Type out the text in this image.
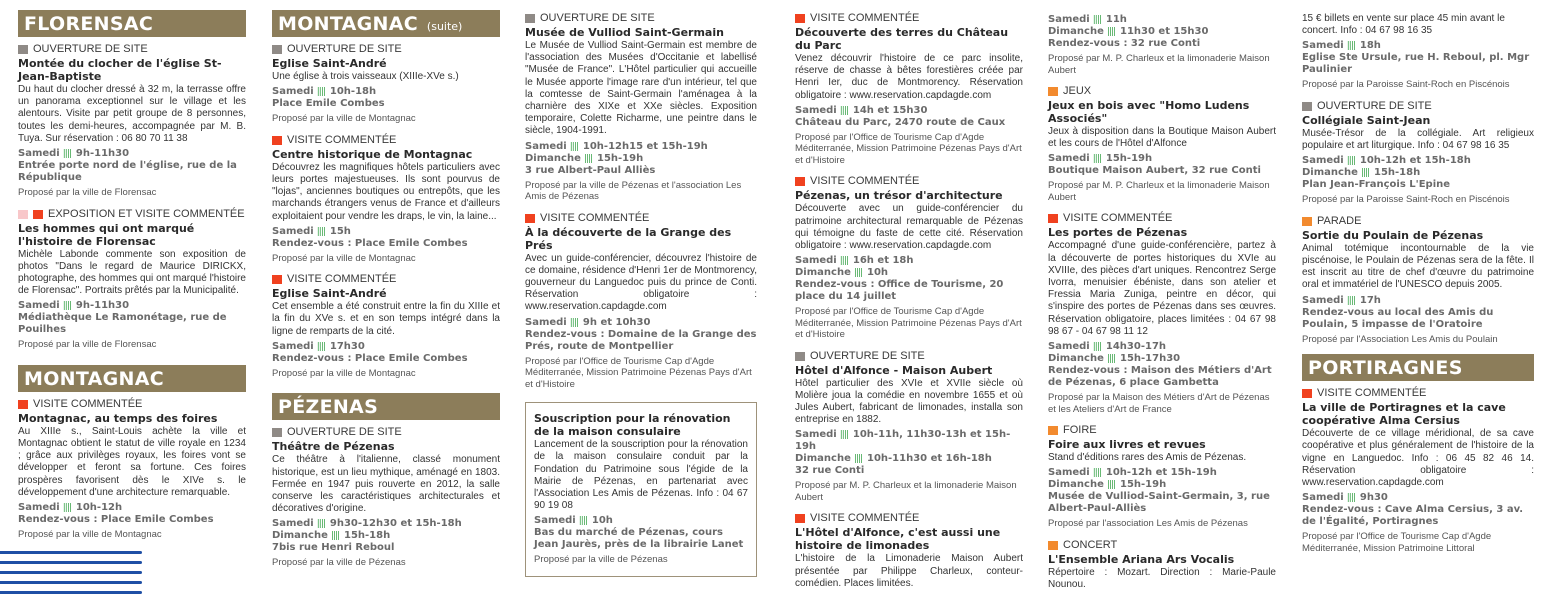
FLORENSAC
OUVERTURE DE SITE
Montée du clocher de l'église St-Jean-Baptiste
Du haut du clocher dressé à 32 m, la terrasse offre un panorama exceptionnel sur le village et les alentours. Visite par petit groupe de 8 personnes, toutes les demi-heures, accompagnée par M. B. Tuya. Sur réservation : 06 80 70 11 38
Samedi |||| 9h-11h30
Entrée porte nord de l'église, rue de la République
Proposé par la ville de Florensac
EXPOSITION ET VISITE COMMENTÉE
Les hommes qui ont marqué l'histoire de Florensac
Michèle Labonde commente son exposition de photos "Dans le regard de Maurice DIRICKX, photographe, des hommes qui ont marqué l'histoire de Florensac". Portraits prêtés par la Municipalité.
Samedi |||| 9h-11h30
Médiathèque Le Ramonétage, rue de Pouilhes
Proposé par la ville de Florensac
MONTAGNAC
VISITE COMMENTÉE
Montagnac, au temps des foires
Au XIIIe s., Saint-Louis achète la ville et Montagnac obtient le statut de ville royale en 1234 ; grâce aux privilèges royaux, les foires vont se développer et feront sa fortune. Ces foires prospères favorisent dès le XIVe s. le développement d'une architecture remarquable.
Samedi |||| 10h-12h
Rendez-vous : Place Emile Combes
Proposé par la ville de Montagnac
MONTAGNAC (suite)
OUVERTURE DE SITE
Eglise Saint-André
Une église à trois vaisseaux (XIIIe-XVe s.)
Samedi |||| 10h-18h
Place Emile Combes
Proposé par la ville de Montagnac
VISITE COMMENTÉE
Centre historique de Montagnac
Découvrez les magnifiques hôtels particuliers avec leurs portes majestueuses. Ils sont pourvus de "lojas", anciennes boutiques ou entrepôts, que les marchands étrangers venus de France et d'ailleurs exploitaient pour vendre les draps, le vin, la laine...
Samedi |||| 15h
Rendez-vous : Place Emile Combes
Proposé par la ville de Montagnac
VISITE COMMENTÉE
Eglise Saint-André
Cet ensemble a été construit entre la fin du XIIIe et la fin du XVe s. et en son temps intégré dans la ligne de remparts de la cité.
Samedi |||| 17h30
Rendez-vous : Place Emile Combes
Proposé par la ville de Montagnac
PÉZENAS
OUVERTURE DE SITE
Théâtre de Pézenas
Ce théâtre à l'italienne, classé monument historique, est un lieu mythique, aménagé en 1803. Fermée en 1947 puis rouverte en 2012, la salle conserve les caractéristiques architecturales et décoratives d'origine.
Samedi |||| 9h30-12h30 et 15h-18h
Dimanche |||| 15h-18h
7bis rue Henri Reboul
Proposé par la ville de Pézenas
OUVERTURE DE SITE
Musée de Vulliod Saint-Germain
Le Musée de Vulliod Saint-Germain est membre de l'association des Musées d'Occitanie et labellisé "Musée de France". L'Hôtel particulier qui accueille le Musée apporte l'image rare d'un intérieur, tel que la comtesse de Saint-Germain l'aménagea à la charnière des XIXe et XXe siècles. Exposition temporaire, Colette Richarme, une peintre dans le siècle, 1904-1991.
Samedi |||| 10h-12h15 et 15h-19h
Dimanche |||| 15h-19h
3 rue Albert-Paul Alliès
Proposé par la ville de Pézenas et l'association Les Amis de Pézenas
VISITE COMMENTÉE
À la découverte de la Grange des Prés
Avec un guide-conférencier, découvrez l'histoire de ce domaine, résidence d'Henri 1er de Montmorency, gouverneur du Languedoc puis du prince de Conti. Réservation obligatoire : www.reservation.capdagde.com
Samedi |||| 9h et 10h30
Rendez-vous : Domaine de la Grange des Prés, route de Montpellier
Proposé par l'Office de Tourisme Cap d'Agde Méditerranée, Mission Patrimoine Pézenas Pays d'Art et d'Histoire
Souscription pour la rénovation de la maison consulaire
Lancement de la souscription pour la rénovation de la maison consulaire conduit par la Fondation du Patrimoine sous l'égide de la Mairie de Pézenas, en partenariat avec l'Association Les Amis de Pézenas. Info : 04 67 90 19 08
Samedi |||| 10h
Bas du marché de Pézenas, cours Jean Jaurès, près de la librairie Lanet
Proposé par la ville de Pézenas
VISITE COMMENTÉE
Découverte des terres du Château du Parc
Venez découvrir l'histoire de ce parc insolite, réserve de chasse à bêtes forestières créée par Henri Ier, duc de Montmorency. Réservation obligatoire : www.reservation.capdagde.com
Samedi |||| 14h et 15h30
Château du Parc, 2470 route de Caux
Proposé par l'Office de Tourisme Cap d'Agde Méditerranée, Mission Patrimoine Pézenas Pays d'Art et d'Histoire
VISITE COMMENTÉE
Pézenas, un trésor d'architecture
Découverte avec un guide-conférencier du patrimoine architectural remarquable de Pézenas qui témoigne du faste de cette cité. Réservation obligatoire : www.reservation.capdagde.com
Samedi |||| 16h et 18h
Dimanche |||| 10h
Rendez-vous : Office de Tourisme, 20 place du 14 juillet
Proposé par l'Office de Tourisme Cap d'Agde Méditerranée, Mission Patrimoine Pézenas Pays d'Art et d'Histoire
OUVERTURE DE SITE
Hôtel d'Alfonce - Maison Aubert
Hôtel particulier des XVIe et XVIIe siècle où Molière joua la comédie en novembre 1655 et où Jules Aubert, fabricant de limonades, installa son entreprise en 1882.
Samedi |||| 10h-11h, 11h30-13h et 15h-19h
Dimanche |||| 10h-11h30 et 16h-18h
32 rue Conti
Proposé par M. P. Charleux et la limonaderie Maison Aubert
VISITE COMMENTÉE
L'Hôtel d'Alfonce, c'est aussi une histoire de limonades
L'histoire de la Limonaderie Maison Aubert présentée par Philippe Charleux, conteur-comédien. Places limitées.
Samedi |||| 11h
Dimanche |||| 11h30 et 15h30
Rendez-vous : 32 rue Conti
Proposé par M. P. Charleux et la limonaderie Maison Aubert
JEUX
Jeux en bois avec "Homo Ludens Associés"
Jeux à disposition dans la Boutique Maison Aubert et les cours de l'Hôtel d'Alfonce
Samedi |||| 15h-19h
Boutique Maison Aubert, 32 rue Conti
Proposé par M. P. Charleux et la limonaderie Maison Aubert
VISITE COMMENTÉE
Les portes de Pézenas
Accompagné d'une guide-conférencière, partez à la découverte de portes historiques du XVIe au XVIIIe, des pièces d'art uniques. Rencontrez Serge Ivorra, menuisier ébéniste, dans son atelier et Fressia Maria Zuniga, peintre en décor, qui s'inspire des portes de Pézenas dans ses œuvres. Réservation obligatoire, places limitées : 04 67 98 98 67 - 04 67 98 11 12
Samedi |||| 14h30-17h
Dimanche |||| 15h-17h30
Rendez-vous : Maison des Métiers d'Art de Pézenas, 6 place Gambetta
Proposé par la Maison des Métiers d'Art de Pézenas et les Ateliers d'Art de France
FOIRE
Foire aux livres et revues
Stand d'éditions rares des Amis de Pézenas.
Samedi |||| 10h-12h et 15h-19h
Dimanche |||| 15h-19h
Musée de Vulliod-Saint-Germain, 3, rue Albert-Paul-Alliès
Proposé par l'association Les Amis de Pézenas
CONCERT
L'Ensemble Ariana Ars Vocalis
Répertoire : Mozart. Direction : Marie-Paule Nounou.
15 € billets en vente sur place 45 min avant le concert. Info : 04 67 98 16 35
Samedi |||| 18h
Eglise Ste Ursule, rue H. Reboul, pl. Mgr Paulinier
Proposé par la Paroisse Saint-Roch en Piscénois
OUVERTURE DE SITE
Collégiale Saint-Jean
Musée-Trésor de la collégiale. Art religieux populaire et art liturgique. Info : 04 67 98 16 35
Samedi |||| 10h-12h et 15h-18h
Dimanche |||| 15h-18h
Plan Jean-François L'Epine
Proposé par la Paroisse Saint-Roch en Piscénois
PARADE
Sortie du Poulain de Pézenas
Animal totémique incontournable de la vie piscénoise, le Poulain de Pézenas sera de la fête. Il est inscrit au titre de chef d'œuvre du patrimoine oral et immatériel de l'UNESCO depuis 2005.
Samedi |||| 17h
Rendez-vous au local des Amis du Poulain, 5 impasse de l'Oratoire
Proposé par l'Association Les Amis du Poulain
PORTIRAGNES
VISITE COMMENTÉE
La ville de Portiragnes et la cave coopérative Alma Cersius
Découverte de ce village méridional, de sa cave coopérative et plus généralement de l'histoire de la vigne en Languedoc. Info : 06 45 82 46 14. Réservation obligatoire : www.reservation.capdagde.com
Samedi |||| 9h30
Rendez-vous : Cave Alma Cersius, 3 av. de l'Égalité, Portiragnes
Proposé par l'Office de Tourisme Cap d'Agde Méditerranée, Mission Patrimoine Littoral
